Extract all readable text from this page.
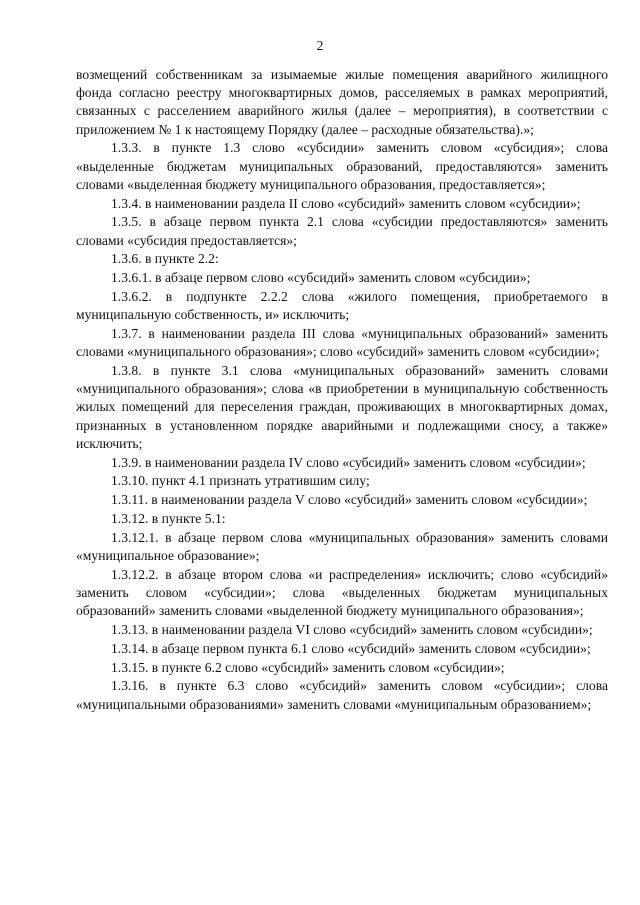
2

возмещений собственникам за изымаемые жилые помещения аварийного жилищного фонда согласно реестру многоквартирных домов, расселяемых в рамках мероприятий, связанных с расселением аварийного жилья (далее – мероприятия), в соответствии с приложением № 1 к настоящему Порядку (далее – расходные обязательства).»;

1.3.3. в пункте 1.3 слово «субсидии» заменить словом «субсидия»; слова «выделенные бюджетам муниципальных образований, предоставляются» заменить словами «выделенная бюджету муниципального образования, предоставляется»;

1.3.4. в наименовании раздела II слово «субсидий» заменить словом «субсидии»;

1.3.5. в абзаце первом пункта 2.1 слова «субсидии предоставляются» заменить словами «субсидия предоставляется»;

1.3.6. в пункте 2.2:

1.3.6.1. в абзаце первом слово «субсидий» заменить словом «субсидии»;

1.3.6.2. в подпункте 2.2.2 слова «жилого помещения, приобретаемого в муниципальную собственность, и» исключить;

1.3.7. в наименовании раздела III слова «муниципальных образований» заменить словами «муниципального образования»; слово «субсидий» заменить словом «субсидии»;

1.3.8. в пункте 3.1 слова «муниципальных образований» заменить словами «муниципального образования»; слова «в приобретении в муниципальную собственность жилых помещений для переселения граждан, проживающих в многоквартирных домах, признанных в установленном порядке аварийными и подлежащими сносу, а также» исключить;

1.3.9. в наименовании раздела IV слово «субсидий» заменить словом «субсидии»;

1.3.10. пункт 4.1 признать утратившим силу;

1.3.11. в наименовании раздела V слово «субсидий» заменить словом «субсидии»;

1.3.12. в пункте 5.1:

1.3.12.1. в абзаце первом слова «муниципальных образования» заменить словами «муниципальное образование»;

1.3.12.2. в абзаце втором слова «и распределения» исключить; слово «субсидий» заменить словом «субсидии»; слова «выделенных бюджетам муниципальных образований» заменить словами «выделенной бюджету муниципального образования»;

1.3.13. в наименовании раздела VI слово «субсидий» заменить словом «субсидии»;

1.3.14. в абзаце первом пункта 6.1 слово «субсидий» заменить словом «субсидии»;

1.3.15. в пункте 6.2 слово «субсидий» заменить словом «субсидии»;

1.3.16. в пункте 6.3 слово «субсидий» заменить словом «субсидии»; слова «муниципальными образованиями» заменить словами «муниципальным образованием»;
